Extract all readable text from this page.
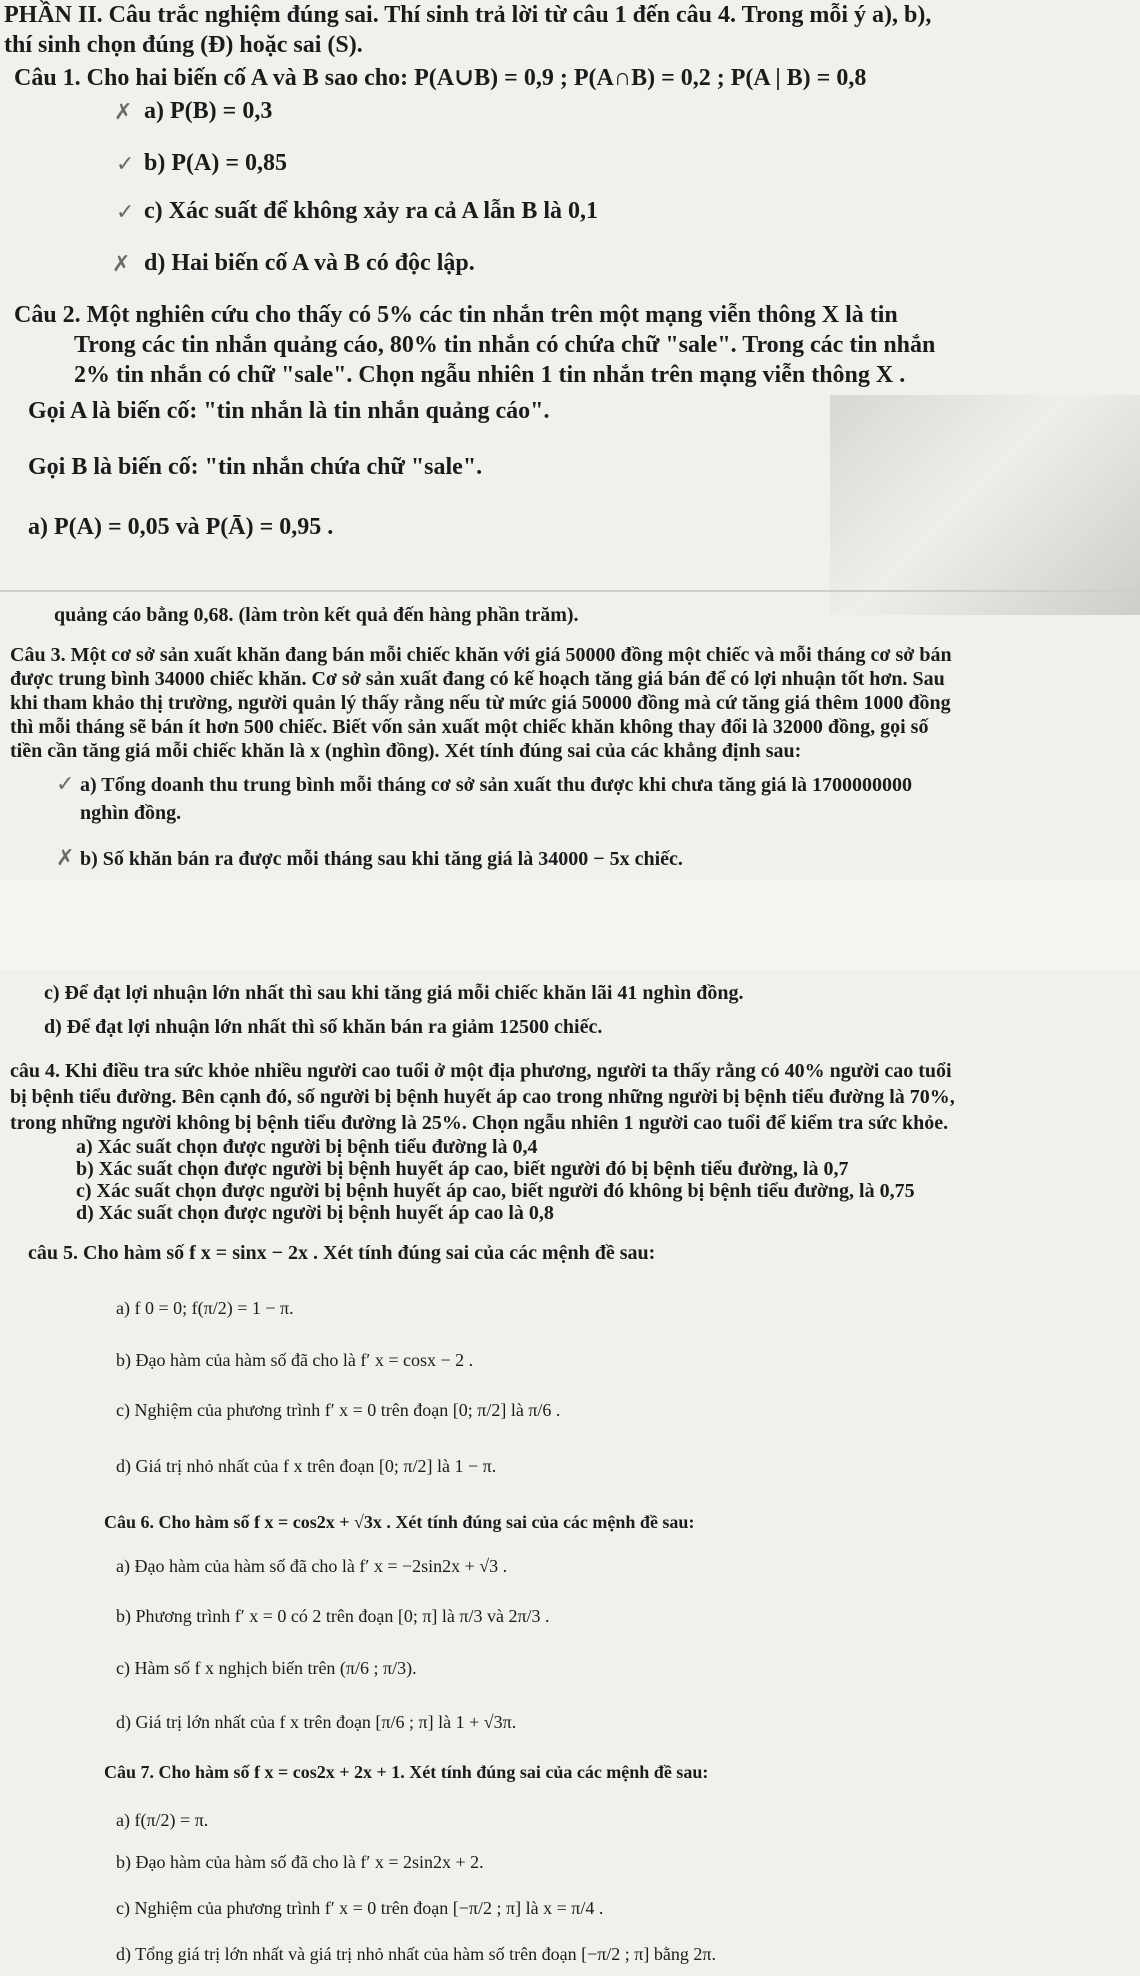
PHẦN II. Câu trắc nghiệm đúng sai. Thí sinh trả lời từ câu 1 đến câu 4. Trong mỗi ý a), b),
thí sinh chọn đúng (Đ) hoặc sai (S).
Câu 1. Cho hai biến cố A và B sao cho: P(A∪B) = 0,9 ; P(A∩B) = 0,2 ; P(A | B) = 0,8
✗ a) P(B) = 0,3
✓ b) P(A) = 0,85
✓ c) Xác suất để không xảy ra cả A lẫn B là 0,1
✗ d) Hai biến cố A và B có độc lập.
Câu 2. Một nghiên cứu cho thấy có 5% các tin nhắn trên một mạng viễn thông X là tin
Trong các tin nhắn quảng cáo, 80% tin nhắn có chứa chữ "sale". Trong các tin nhắn
2% tin nhắn có chữ "sale". Chọn ngẫu nhiên 1 tin nhắn trên mạng viễn thông X .
Gọi A là biến cố: "tin nhắn là tin nhắn quảng cáo".
Gọi B là biến cố: "tin nhắn chứa chữ "sale".
a) P(A) = 0,05 và P(Ā) = 0,95 .
quảng cáo bằng 0,68. (làm tròn kết quả đến hàng phần trăm).
Câu 3. Một cơ sở sản xuất khăn đang bán mỗi chiếc khăn với giá 50000 đồng một chiếc và mỗi tháng cơ sở bán
được trung bình 34000 chiếc khăn. Cơ sở sản xuất đang có kế hoạch tăng giá bán để có lợi nhuận tốt hơn. Sau
khi tham khảo thị trường, người quản lý thấy rằng nếu từ mức giá 50000 đồng mà cứ tăng giá thêm 1000 đồng
thì mỗi tháng sẽ bán ít hơn 500 chiếc. Biết vốn sản xuất một chiếc khăn không thay đổi là 32000 đồng, gọi số
tiền cần tăng giá mỗi chiếc khăn là x (nghìn đồng). Xét tính đúng sai của các khẳng định sau:
✓ a) Tổng doanh thu trung bình mỗi tháng cơ sở sản xuất thu được khi chưa tăng giá là 1700000000
nghìn đồng.
✗ b) Số khăn bán ra được mỗi tháng sau khi tăng giá là 34000 − 5x chiếc.
c) Để đạt lợi nhuận lớn nhất thì sau khi tăng giá mỗi chiếc khăn lãi 41 nghìn đồng.
d) Để đạt lợi nhuận lớn nhất thì số khăn bán ra giảm 12500 chiếc.
câu 4. Khi điều tra sức khỏe nhiều người cao tuổi ở một địa phương, người ta thấy rằng có 40% người cao tuổi
bị bệnh tiểu đường. Bên cạnh đó, số người bị bệnh huyết áp cao trong những người bị bệnh tiểu đường là 70%,
trong những người không bị bệnh tiểu đường là 25%. Chọn ngẫu nhiên 1 người cao tuổi để kiểm tra sức khỏe.
a) Xác suất chọn được người bị bệnh tiểu đường là 0,4
b) Xác suất chọn được người bị bệnh huyết áp cao, biết người đó bị bệnh tiểu đường, là 0,7
c) Xác suất chọn được người bị bệnh huyết áp cao, biết người đó không bị bệnh tiểu đường, là 0,75
d) Xác suất chọn được người bị bệnh huyết áp cao là 0,8
câu 5. Cho hàm số f x = sinx − 2x . Xét tính đúng sai của các mệnh đề sau:
a) f 0 = 0; f(π/2) = 1 − π.
b) Đạo hàm của hàm số đã cho là f′ x = cosx − 2 .
c) Nghiệm của phương trình f′ x = 0 trên đoạn [0; π/2] là π/6 .
d) Giá trị nhỏ nhất của f x trên đoạn [0; π/2] là 1 − π.
Câu 6. Cho hàm số f x = cos2x + √3x . Xét tính đúng sai của các mệnh đề sau:
a) Đạo hàm của hàm số đã cho là f′ x = −2sin2x + √3 .
b) Phương trình f′ x = 0 có 2 trên đoạn [0; π] là π/3 và 2π/3 .
c) Hàm số f x nghịch biến trên (π/6 ; π/3).
d) Giá trị lớn nhất của f x trên đoạn [π/6 ; π] là 1 + √3π.
Câu 7. Cho hàm số f x = cos2x + 2x + 1. Xét tính đúng sai của các mệnh đề sau:
a) f(π/2) = π.
b) Đạo hàm của hàm số đã cho là f′ x = 2sin2x + 2.
c) Nghiệm của phương trình f′ x = 0 trên đoạn [−π/2 ; π] là x = π/4 .
d) Tổng giá trị lớn nhất và giá trị nhỏ nhất của hàm số trên đoạn [−π/2 ; π] bằng 2π.
